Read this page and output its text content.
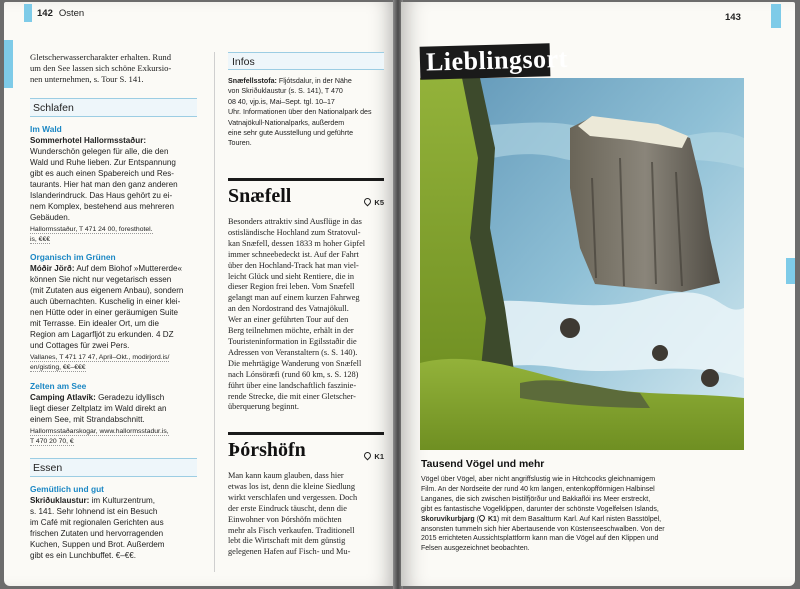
142 Osten
Gletscherwassercharakter erhalten. Rund
um den See lassen sich schöne Exkursio-
nen unternehmen, s. Tour S. 141.
Schlafen
Im Wald
Sommerhotel Hallormsstaður:
Wunderschön gelegen für alle, die den
Wald und Ruhe lieben. Zur Entspannung
gibt es auch einen Spabereich und Res-
taurants. Hier hat man den ganz anderen
Islanderindruck. Das Haus gehört zu ei-
nem Komplex, bestehend aus mehreren
Gebäuden.
Hallormsstaður, T 471 24 00, foresthotel.
is, €€€
Organisch im Grünen
Móðir Jörð: Auf dem Biohof »Muttererde«
können Sie nicht nur vegetarisch essen
(mit Zutaten aus eigenem Anbau), sondern
auch übernachten. Kuschelig in einer klei-
nen Hütte oder in einer geräumigen Suite
mit Terrasse. Ein idealer Ort, um die
Region am Lagarfljót zu erkunden. 4 DZ
und Cottages für zwei Pers.
Vallanes, T 471 17 47, April–Okt., modirjord.is/
en/gisting, €€–€€€
Zelten am See
Camping Atlavík: Geradezu idyllisch
liegt dieser Zeltplatz im Wald direkt an
einem See, mit Strandabschnitt.
Hallormsstaðarskogar, www.hallormsstadur.is,
T 470 20 70, €
Essen
Gemütlich und gut
Skriðuklaustur: im Kulturzentrum,
s. 141. Sehr lohnend ist ein Besuch
im Café mit regionalen Gerichten aus
frischen Zutaten und hervorragenden
Kuchen, Suppen und Brot. Außerdem
gibt es ein Lunchbuffet. €–€€.
Infos
Snæfellsstofa: Fljótsdalur, in der Nähe
von Skriðuklaustur (s. S. 141), T 470
08 40, vjp.is, Mai–Sept. tgl. 10–17
Uhr. Informationen über den Nationalpark des
Vatnajökull-Nationalparks, außerdem
eine sehr gute Ausstellung und geführte
Touren.
Snæfell	K5
Besonders attraktiv sind Ausflüge in das
ostisländische Hochland zum Stratovul-
kan Snæfell, dessen 1833 m hoher Gipfel
immer schneebedeckt ist. Auf der Fahrt
über den Hochland-Track hat man viel-
leicht Glück und sieht Rentiere, die in
dieser Region frei leben. Vom Snæfell
gelangt man auf einem kurzen Fahrweg
an den Nordostrand des Vatnajökull.
Wer an einer geführten Tour auf den
Berg teilnehmen möchte, erhält in der
Touristeninformation in Egilsstaðir die
Adressen von Veranstaltern (s. S. 140).
Die mehrtägige Wanderung von Snæfell
nach Lónsöræfi (rund 60 km, s. S. 128)
führt über eine landschaftlich faszinie-
rende Strecke, die mit einer Gletscher-
überquerung beginnt.
Þórshöfn	K1
Man kann kaum glauben, dass hier
etwas los ist, denn die kleine Siedlung
wirkt verschlafen und vergessen. Doch
der erste Eindruck täuscht, denn die
Einwohner von Þórshöfn möchten
mehr als Fisch verkaufen. Traditionell
lebt die Wirtschaft mit dem günstig
gelegenen Hafen auf Fisch- und Mu-
143
Lieblingsort
Tausend Vögel und mehr
Vögel über Vögel, aber nicht angriffslustig wie in Hitchcocks gleichnamigem
Film. An der Nordseite der rund 40 km langen, entenkopfförmigen Halbinsel
Langanes, die sich zwischen Þistilfjörður und Bakkaflói ins Meer erstreckt,
gibt es fantastische Vogelklippen, darunter der schönste Vogelfelsen Islands,
Skoruvíkurbjarg ( K1) mit dem Basaltturm Karl. Auf Karl nisten Basstölpel,
ansonsten tummeln sich hier Abertausende von Küstenseeschwalben. Von der
2015 errichteten Aussichtsplattform kann man die Vögel auf den Klippen und
Felsen ausgezeichnet beobachten.
